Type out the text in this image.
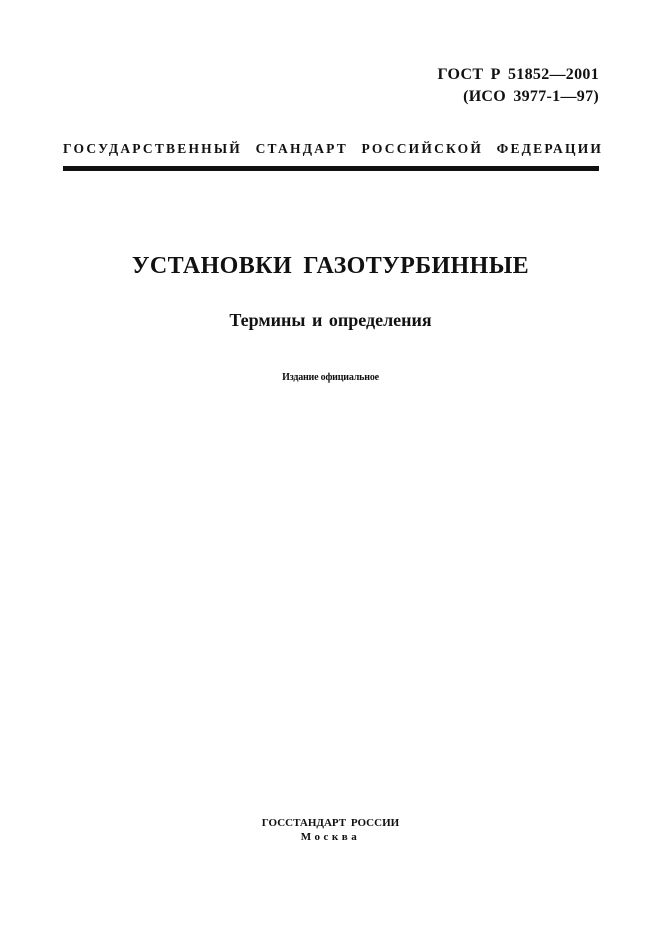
ГОСТ Р 51852—2001
(ИСО 3977-1—97)
ГОСУДАРСТВЕННЫЙ СТАНДАРТ РОССИЙСКОЙ ФЕДЕРАЦИИ
УСТАНОВКИ ГАЗОТУРБИННЫЕ
Термины и определения
Издание официальное
ГОССТАНДАРТ РОССИИ
Москва
